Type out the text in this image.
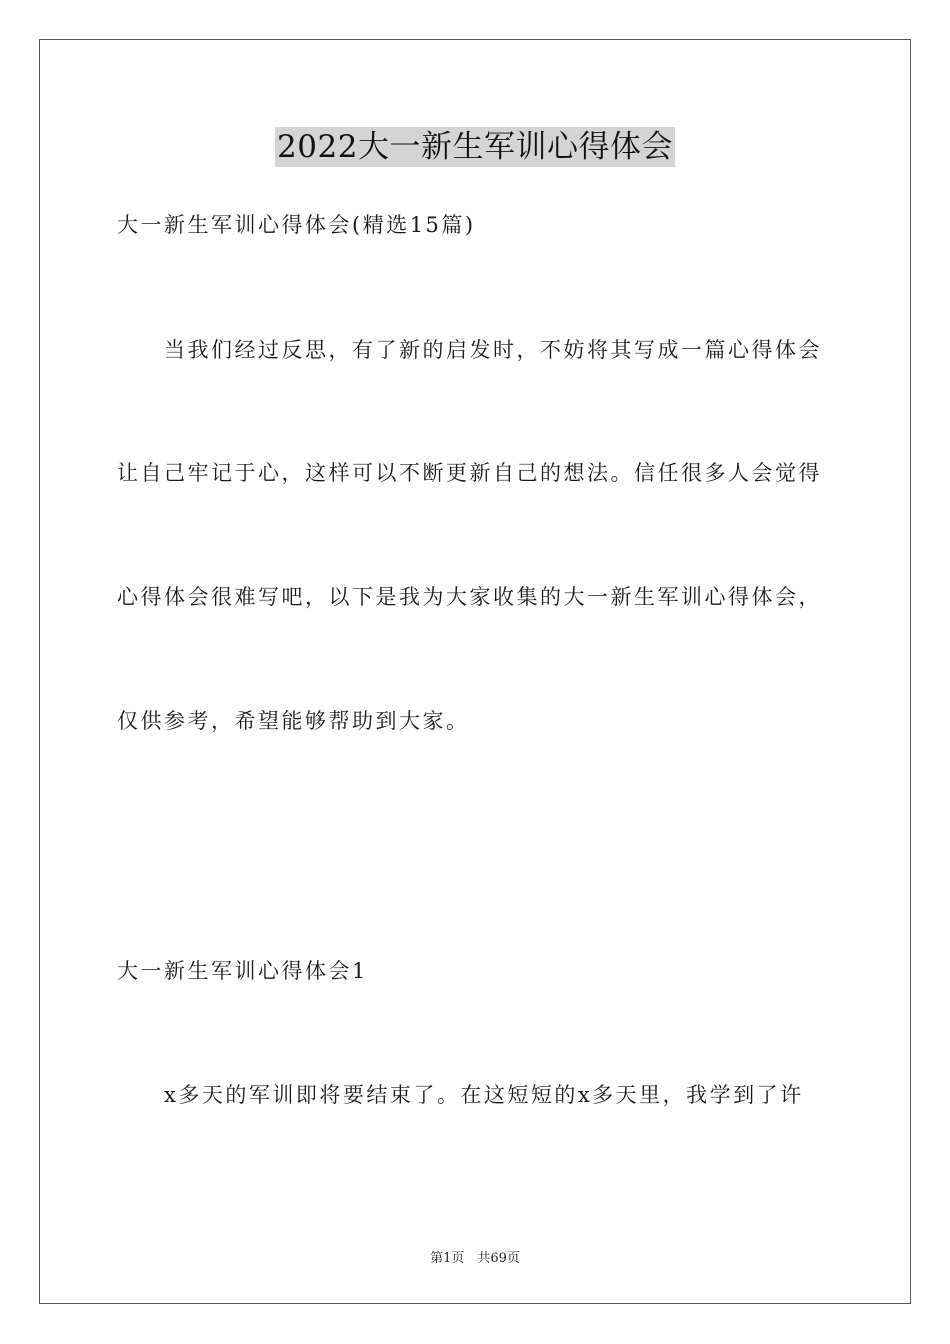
2022大一新生军训心得体会
大一新生军训心得体会(精选15篇)
当我们经过反思，有了新的启发时，不妨将其写成一篇心得体会
让自己牢记于心，这样可以不断更新自己的想法。信任很多人会觉得
心得体会很难写吧，以下是我为大家收集的大一新生军训心得体会，
仅供参考，希望能够帮助到大家。
大一新生军训心得体会1
x多天的军训即将要结束了。在这短短的x多天里，我学到了许
第1页　共69页
